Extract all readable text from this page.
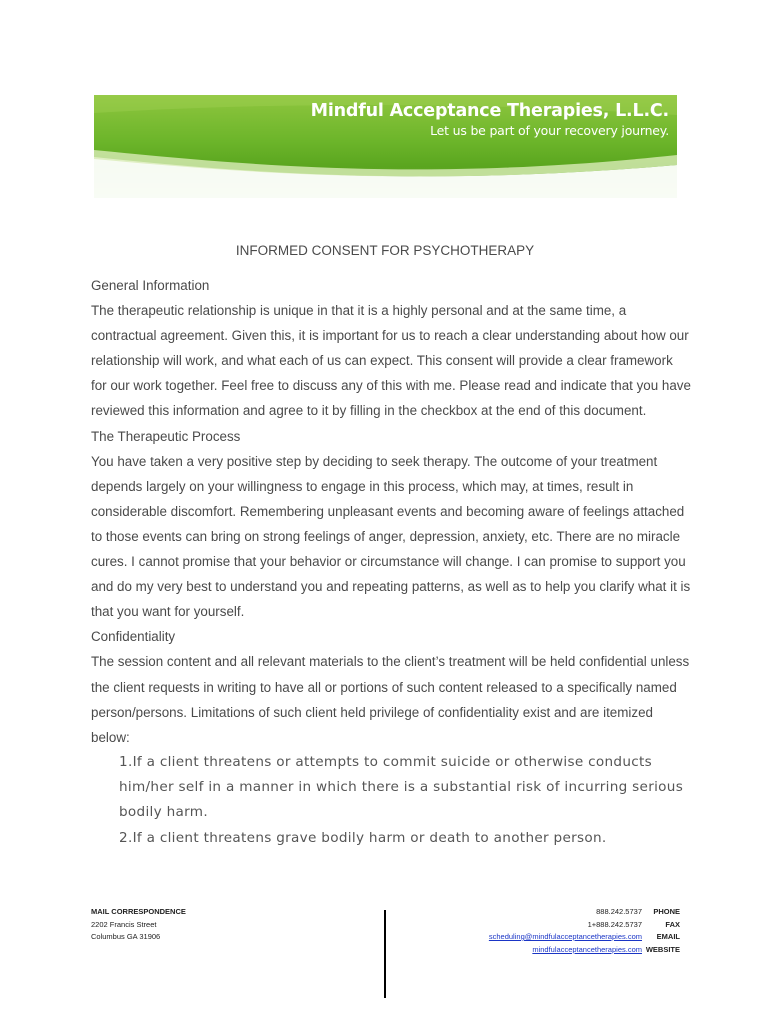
Mindful Acceptance Therapies, L.L.C.
Let us be part of your recovery journey.
INFORMED CONSENT FOR PSYCHOTHERAPY

General Information

The therapeutic relationship is unique in that it is a highly personal and at the same time, a contractual agreement. Given this, it is important for us to reach a clear understanding about how our relationship will work, and what each of us can expect. This consent will provide a clear framework for our work together. Feel free to discuss any of this with me. Please read and indicate that you have reviewed this information and agree to it by filling in the checkbox at the end of this document.

The Therapeutic Process

You have taken a very positive step by deciding to seek therapy. The outcome of your treatment depends largely on your willingness to engage in this process, which may, at times, result in considerable discomfort. Remembering unpleasant events and becoming aware of feelings attached to those events can bring on strong feelings of anger, depression, anxiety, etc. There are no miracle cures. I cannot promise that your behavior or circumstance will change. I can promise to support you and do my very best to understand you and repeating patterns, as well as to help you clarify what it is that you want for yourself.

Confidentiality

The session content and all relevant materials to the client’s treatment will be held confidential unless the client requests in writing to have all or portions of such content released to a specifically named person/persons. Limitations of such client held privilege of confidentiality exist and are itemized below:

1.If a client threatens or attempts to commit suicide or otherwise conducts him/her self in a manner in which there is a substantial risk of incurring serious bodily harm.

2.If a client threatens grave bodily harm or death to another person.

MAIL CORRESPONDENCE
2202 Francis Street
Columbus GA 31906
888.242.5737	PHONE
1+888.242.5737	FAX
scheduling@mindfulacceptancetherapies.com	EMAIL
mindfulacceptancetherapies.com WEBSITE
